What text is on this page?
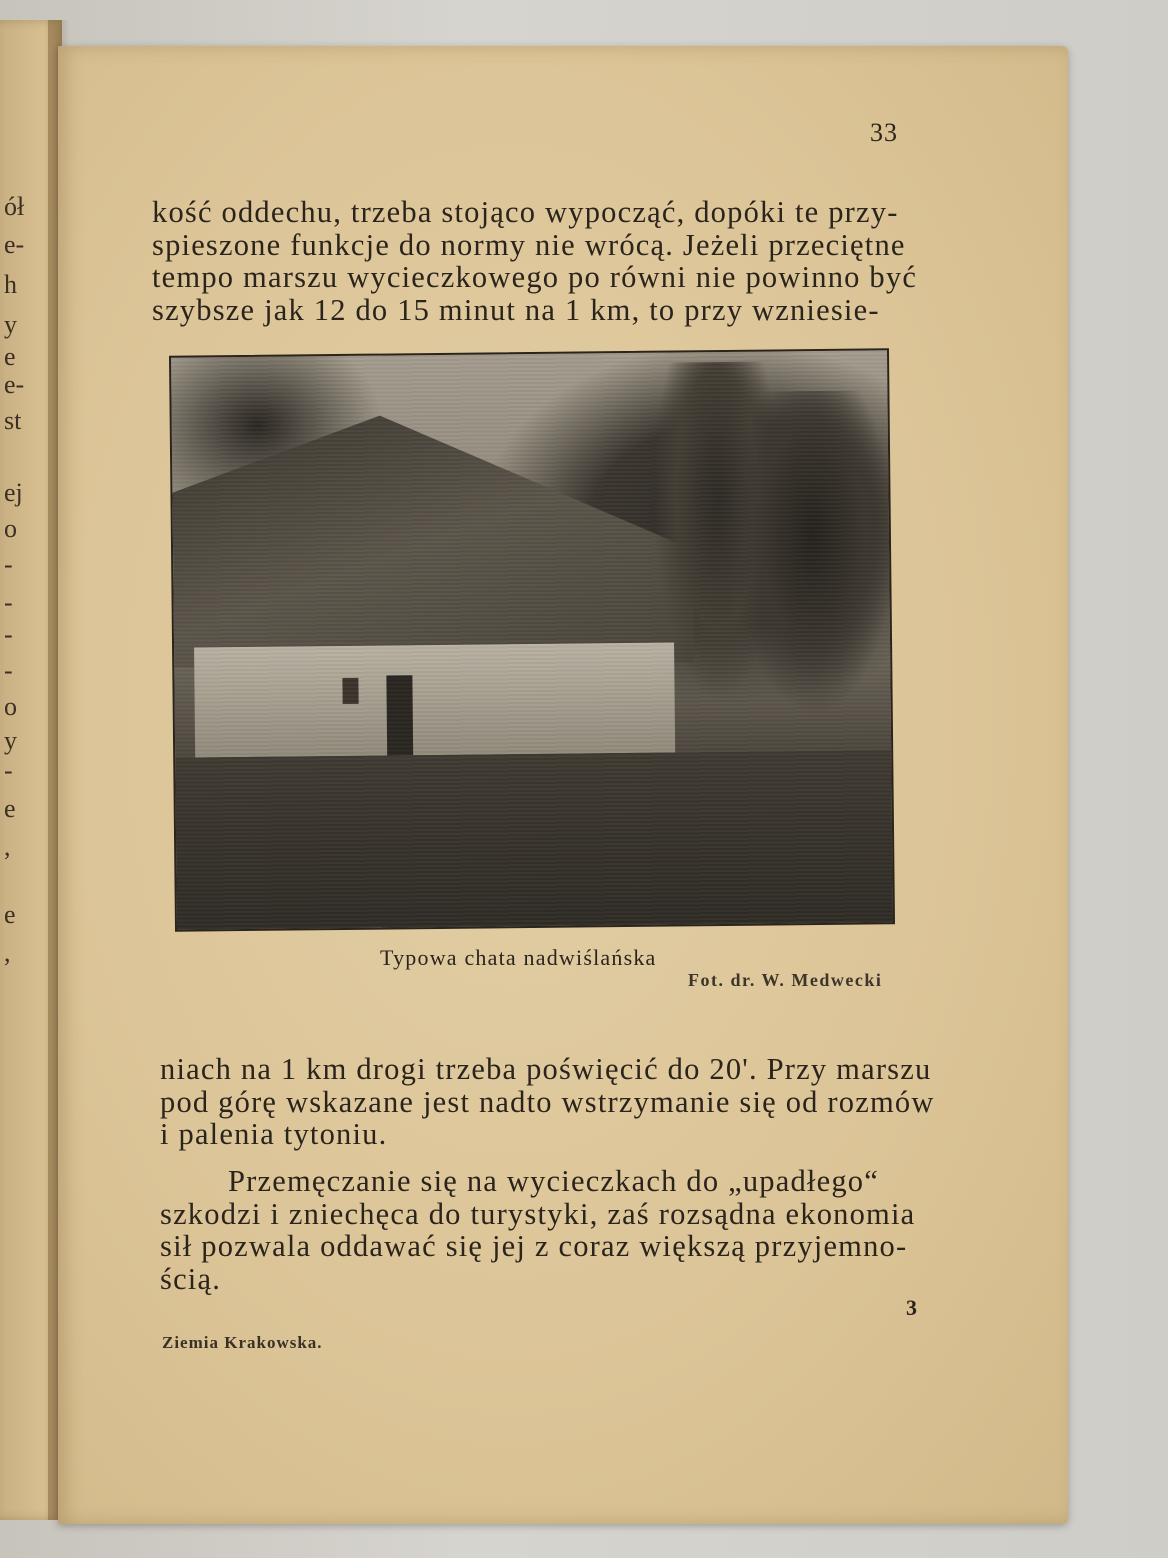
ół
e-
h
y
e
e-
st
ej
o
-
-
-
-
o
y
-
e
,
e
,
33
kość oddechu, trzeba stojąco wypocząć, dopóki te przy-
spieszone funkcje do normy nie wrócą. Jeżeli przeciętne
tempo marszu wycieczkowego po równi nie powinno być
szybsze jak 12 do 15 minut na 1 km, to przy wzniesie-
Typowa chata nadwiślańska
Fot. dr. W. Medwecki
niach na 1 km drogi trzeba poświęcić do 20'. Przy marszu
pod górę wskazane jest nadto wstrzymanie się od rozmów
i palenia tytoniu.
Przemęczanie się na wycieczkach do „upadłego“
szkodzi i zniechęca do turystyki, zaś rozsądna ekonomia
sił pozwala oddawać się jej z coraz większą przyjemno-
ścią.
3
Ziemia Krakowska.
